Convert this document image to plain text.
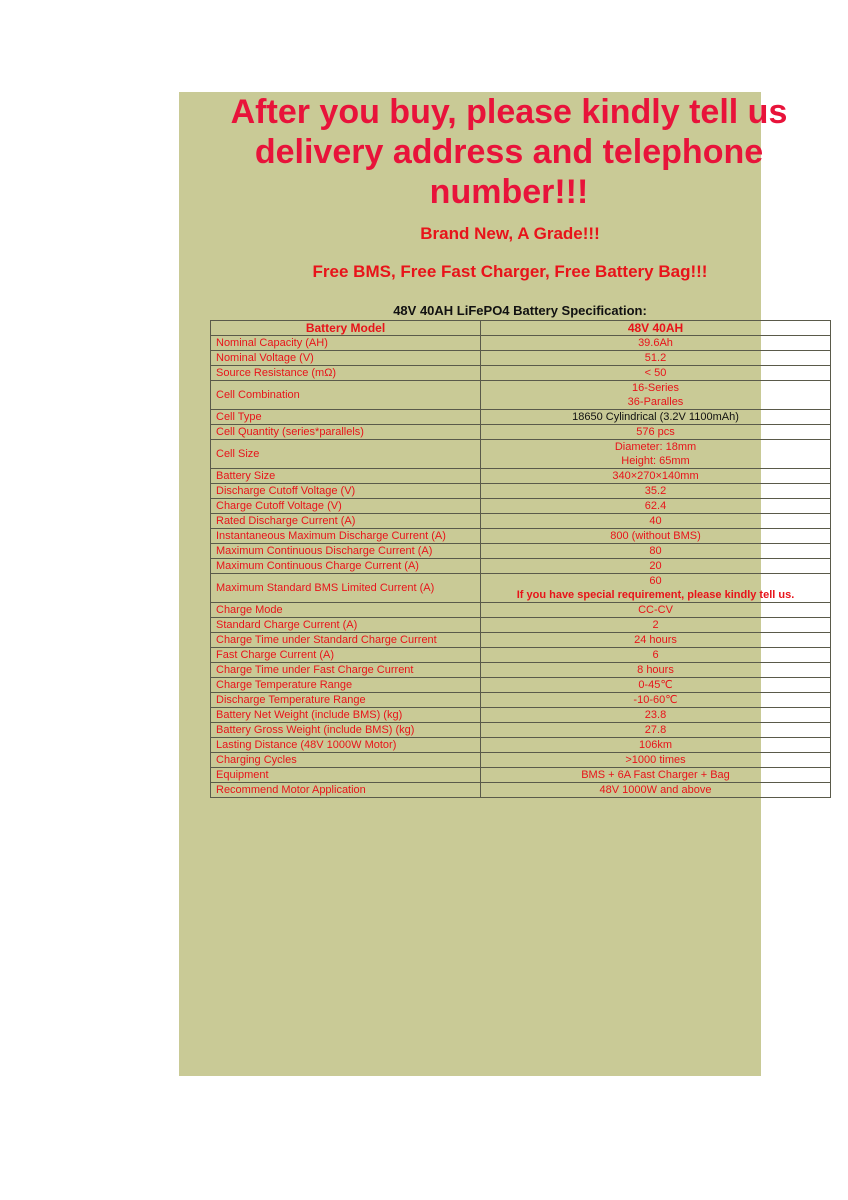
After you buy, please kindly tell us
delivery address and telephone
number!!!

Brand New, A Grade!!!

Free BMS, Free Fast Charger, Free Battery Bag!!!

48V 40AH LiFePO4 Battery Specification:

Battery Model	48V 40AH
Nominal Capacity (AH)	39.6Ah
Nominal Voltage (V)	51.2
Source Resistance (mΩ)	< 50
Cell Combination	16-Series
36-Paralles

Cell Type	18650 Cylindrical (3.2V 1100mAh)
Cell Quantity (series*parallels)	576 pcs
Cell Size	Diameter: 18mm
Height: 65mm

Battery Size	340×270×140mm
Discharge Cutoff Voltage (V)	35.2
Charge Cutoff Voltage (V)	62.4
Rated Discharge Current (A)	40
Instantaneous Maximum Discharge Current (A)	800 (without BMS)
Maximum Continuous Discharge Current (A)	80
Maximum Continuous Charge Current (A)	20
Maximum Standard BMS Limited Current (A)	60
If you have special requirement, please kindly tell us.

Charge Mode	CC-CV
Standard Charge Current (A)	2
Charge Time under Standard Charge Current	24 hours
Fast Charge Current (A)	6
Charge Time under Fast Charge Current	8 hours
Charge Temperature Range	0-45℃
Discharge Temperature Range	-10-60℃
Battery Net Weight (include BMS) (kg)	23.8
Battery Gross Weight (include BMS) (kg)	27.8
Lasting Distance (48V 1000W Motor)	106km
Charging Cycles	>1000 times
Equipment	BMS + 6A Fast Charger + Bag
Recommend Motor Application	48V 1000W and above
